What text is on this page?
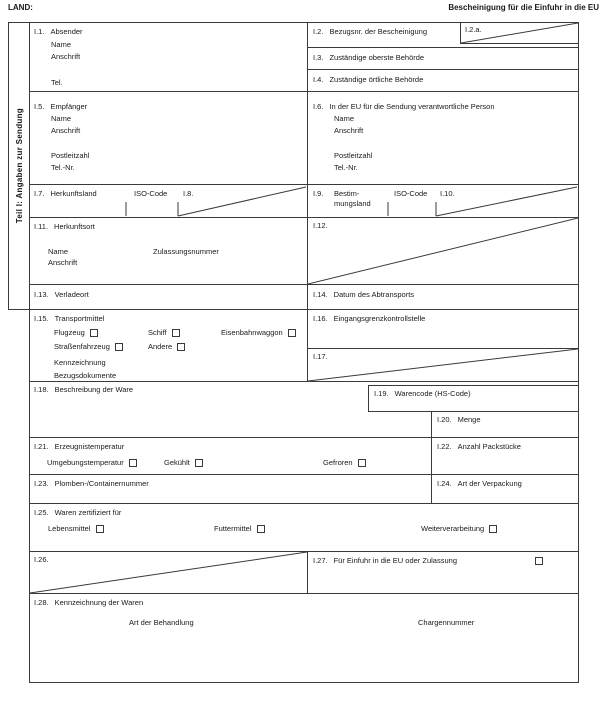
LAND:	Bescheinigung für die Einfuhr in die EU
Teil I: Angaben zur Sendung
I.1. Absender
Name
Anschrift
Tel.
I.2. Bezugsnr. der Bescheinigung	I.2.a.
I.3. Zuständige oberste Behörde
I.4. Zuständige örtliche Behörde
I.5. Empfänger
Name
Anschrift
Postleitzahl
Tel.-Nr.
I.6. In der EU für die Sendung verantwortliche Person
Name
Anschrift
Postleitzahl
Tel.-Nr.
I.7. Herkunftsland	ISO-Code I.8.	I.9. Bestim-
mungsland
ISO-Code I.10.
I.11. Herkunftsort
Name	Zulassungsnummer
Anschrift
I.12.
I.13. Verladeort	I.14. Datum des Abtransports
I.15. Transportmittel
Flugzeug	Schiff	Eisenbahnwaggon
Straßenfahrzeug	Andere
Kennzeichnung
Bezugsdokumente
I.16. Eingangsgrenzkontrollstelle
I.17.
I.18. Beschreibung der Ware	I.19. Warencode (HS-Code)
I.20. Menge
I.21. Erzeugnistemperatur
Umgebungstemperatur	Gekühlt	Gefroren
I.22. Anzahl Packstücke
I.23. Plomben-/Containernummer	I.24. Art der Verpackung
I.25. Waren zertifiziert für
Lebensmittel	Futtermittel	Weiterverarbeitung
I.26.	I.27. Für Einfuhr in die EU oder Zulassung
I.28. Kennzeichnung der Waren
Art der Behandlung	Chargennummer
